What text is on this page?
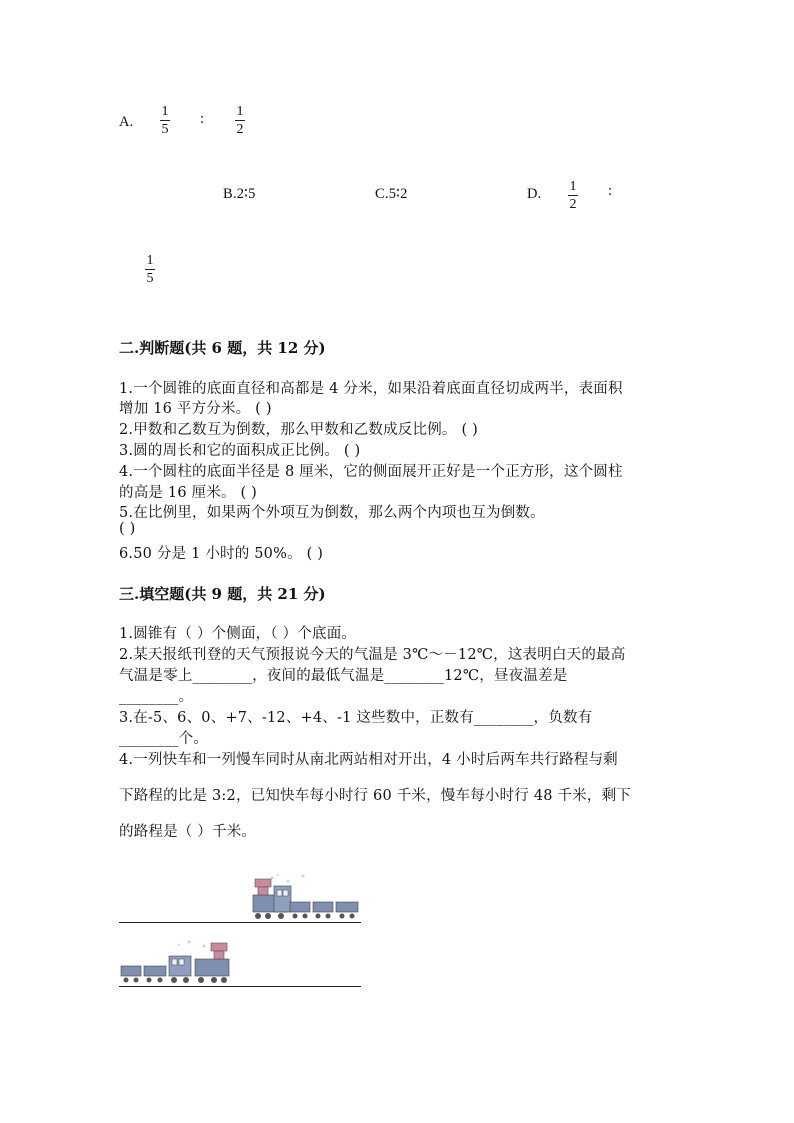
A.
1
5
: 1
2
B.2∶5	C.5∶2	D. 1
2
:
1
5
二.判断题(共 6 题，共 12 分)
1.一个圆锥的底面直径和高都是 4 分米，如果沿着底面直径切成两半，表面积
增加 16 平方分米。 ( )
2.甲数和乙数互为倒数，那么甲数和乙数成反比例。 ( )
3.圆的周长和它的面积成正比例。 ( )
4.一个圆柱的底面半径是 8 厘米，它的侧面展开正好是一个正方形，这个圆柱
的高是 16 厘米。 ( )
5.在比例里，如果两个外项互为倒数，那么两个内项也互为倒数。
( )
6.50 分是 1 小时的 50%。 ( )
三.填空题(共 9 题，共 21 分)
1.圆锥有（ ）个侧面，（ ）个底面。
2.某天报纸刊登的天气预报说今天的气温是 3℃～－12℃，这表明白天的最高
气温是零上________，夜间的最低气温是________12℃，昼夜温差是
________。
3.在-5、6、0、+7、-12、+4、-1 这些数中，正数有________，负数有
________个。
4.一列快车和一列慢车同时从南北两站相对开出，4 小时后两车共行路程与剩
下路程的比是 3:2，已知快车每小时行 60 千米，慢车每小时行 48 千米，剩下
的路程是（ ）千米。
